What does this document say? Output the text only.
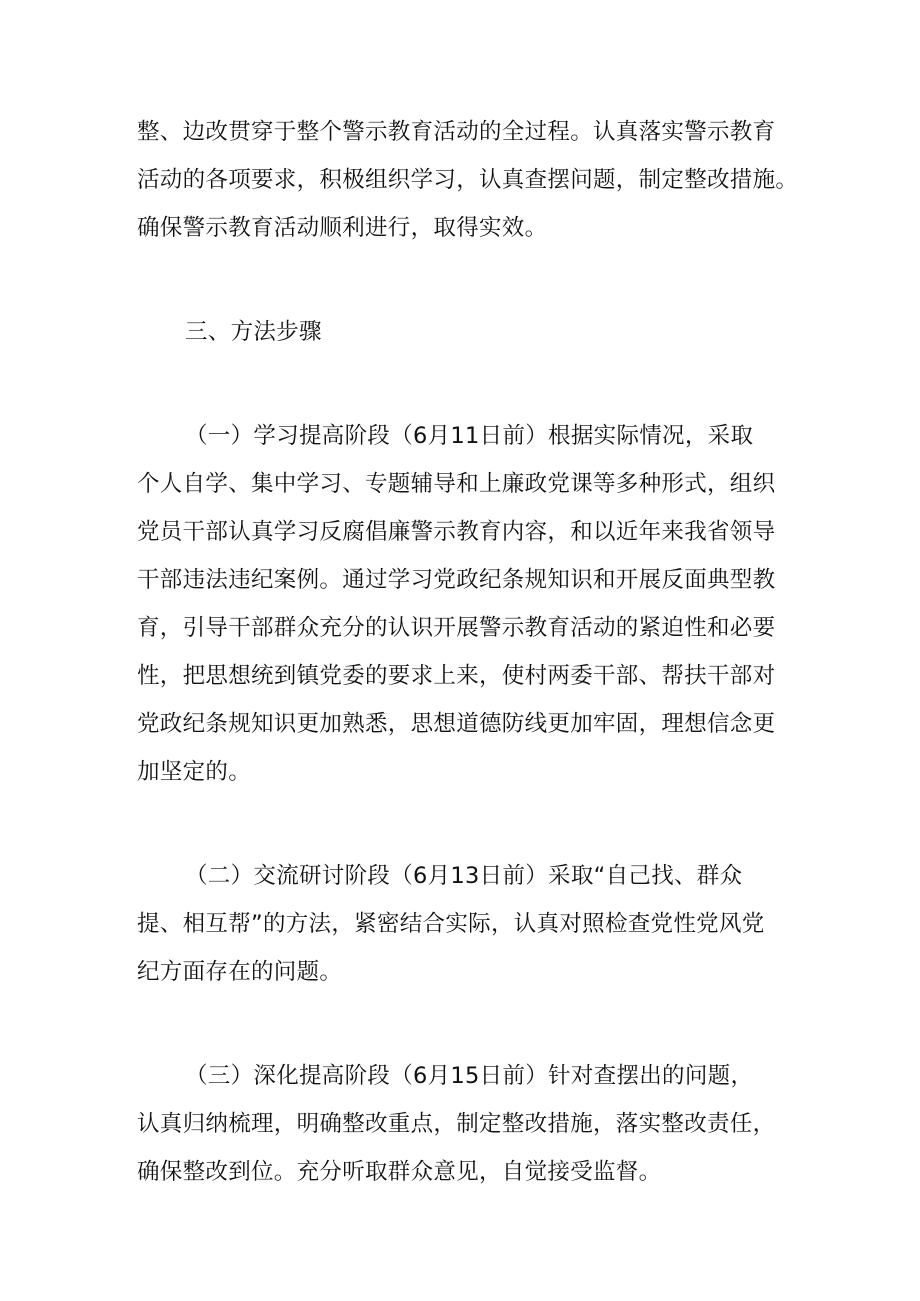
整、边改贯穿于整个警示教育活动的全过程。认真落实警示教育
活动的各项要求，积极组织学习，认真查摆问题，制定整改措施。
确保警示教育活动顺利进行，取得实效。
三、方法步骤
（一）学习提高阶段（6月11日前）根据实际情况，采取
个人自学、集中学习、专题辅导和上廉政党课等多种形式，组织
党员干部认真学习反腐倡廉警示教育内容，和以近年来我省领导
干部违法违纪案例。通过学习党政纪条规知识和开展反面典型教
育，引导干部群众充分的认识开展警示教育活动的紧迫性和必要
性，把思想统到镇党委的要求上来，使村两委干部、帮扶干部对
党政纪条规知识更加熟悉，思想道德防线更加牢固，理想信念更
加坚定的。
（二）交流研讨阶段（6月13日前）采取“自己找、群众
提、相互帮”的方法，紧密结合实际，认真对照检查党性党风党
纪方面存在的问题。
（三）深化提高阶段（6月15日前）针对查摆出的问题，
认真归纳梳理，明确整改重点，制定整改措施，落实整改责任，
确保整改到位。充分听取群众意见，自觉接受监督。
